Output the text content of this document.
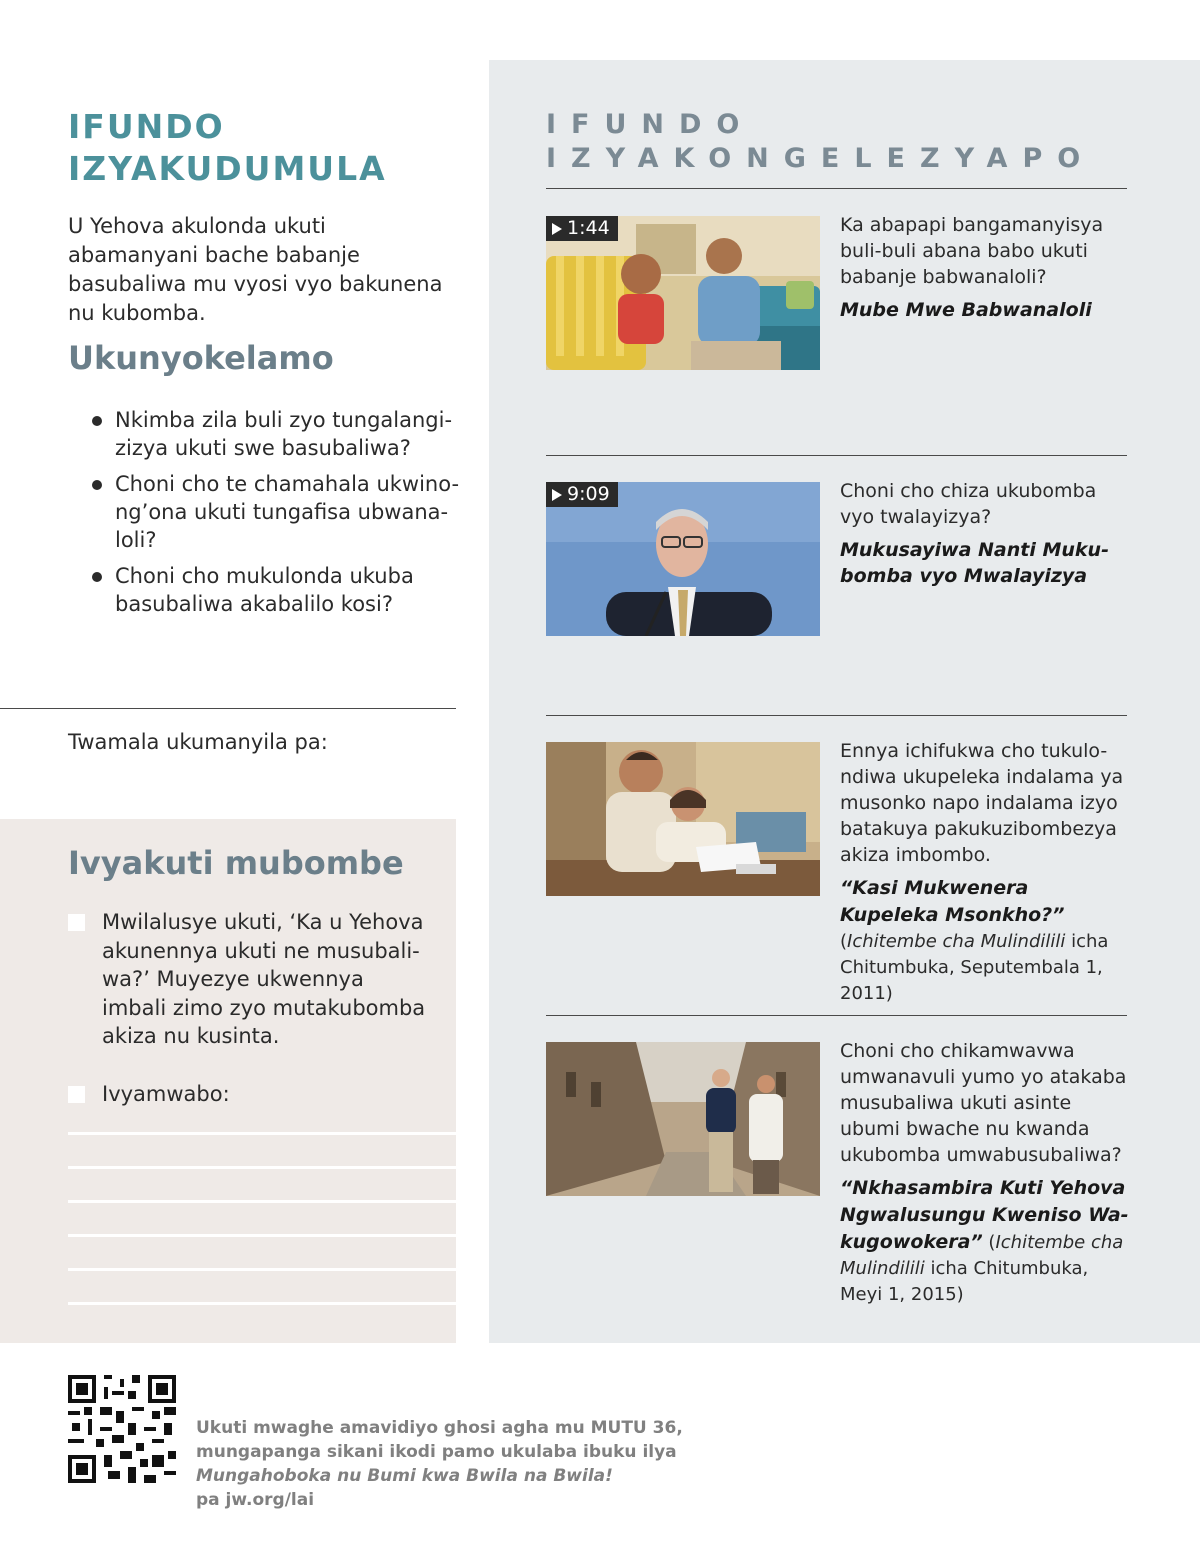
IFUNDO
IZYAKONGELEZYAPO
1:44	Ka abapapi bangamanyisya buli-buli abana babo ukuti babanje babwanaloli?
Mube Mwe Babwanaloli
9:09	Choni cho chiza ukubomba vyo twalayizya?
Mukusayiwa Nanti Muku-bomba vyo Mwalayizya
Ennya ichifukwa cho tukulo-ndiwa ukupeleka indalama ya musonko napo indalama izyo batakuya pakukuzibombezya akiza imbombo.
“Kasi Mukwenera Kupeleka Msonkho?” (Ichitembe cha Mulindilili icha Chitumbuka, Seputembala 1, 2011)
Choni cho chikamwavwa umwanavuli yumo yo atakaba musubaliwa ukuti asinte ubumi bwache nu kwanda ukubomba umwabusubaliwa?
“Nkhasambira Kuti Yehova Ngwalusungu Kweniso Wa-kugowokera” (Ichitembe cha Mulindilili icha Chitumbuka, Meyi 1, 2015)
IFUNDO
IZYAKUDUMULA

U Yehova akulonda ukuti abamanyani bache babanje basubaliwa mu vyosi vyo bakunena nu kubomba.

Ukunyokelamo
Nkimba zila buli zyo tungalangi-zizya ukuti swe basubaliwa?
Choni cho te chamahala ukwino-ng’ona ukuti tungafisa ubwana-loli?
Choni cho mukulonda ukuba basubaliwa akabalilo kosi?
Twamala ukumanyila pa:
Ivyakuti mubombe
Mwilalusye ukuti, ‘Ka u Yehova akunennya ukuti ne musubali-wa?’ Muyezye ukwennya imbali zimo zyo mutakubomba akiza nu kusinta.
Ivyamwabo:
Ukuti mwaghe amavidiyo ghosi agha mu MUTU 36,
mungapanga sikani ikodi pamo ukulaba ibuku ilya
Mungahoboka nu Bumi kwa Bwila na Bwila!
pa jw.org/lai
